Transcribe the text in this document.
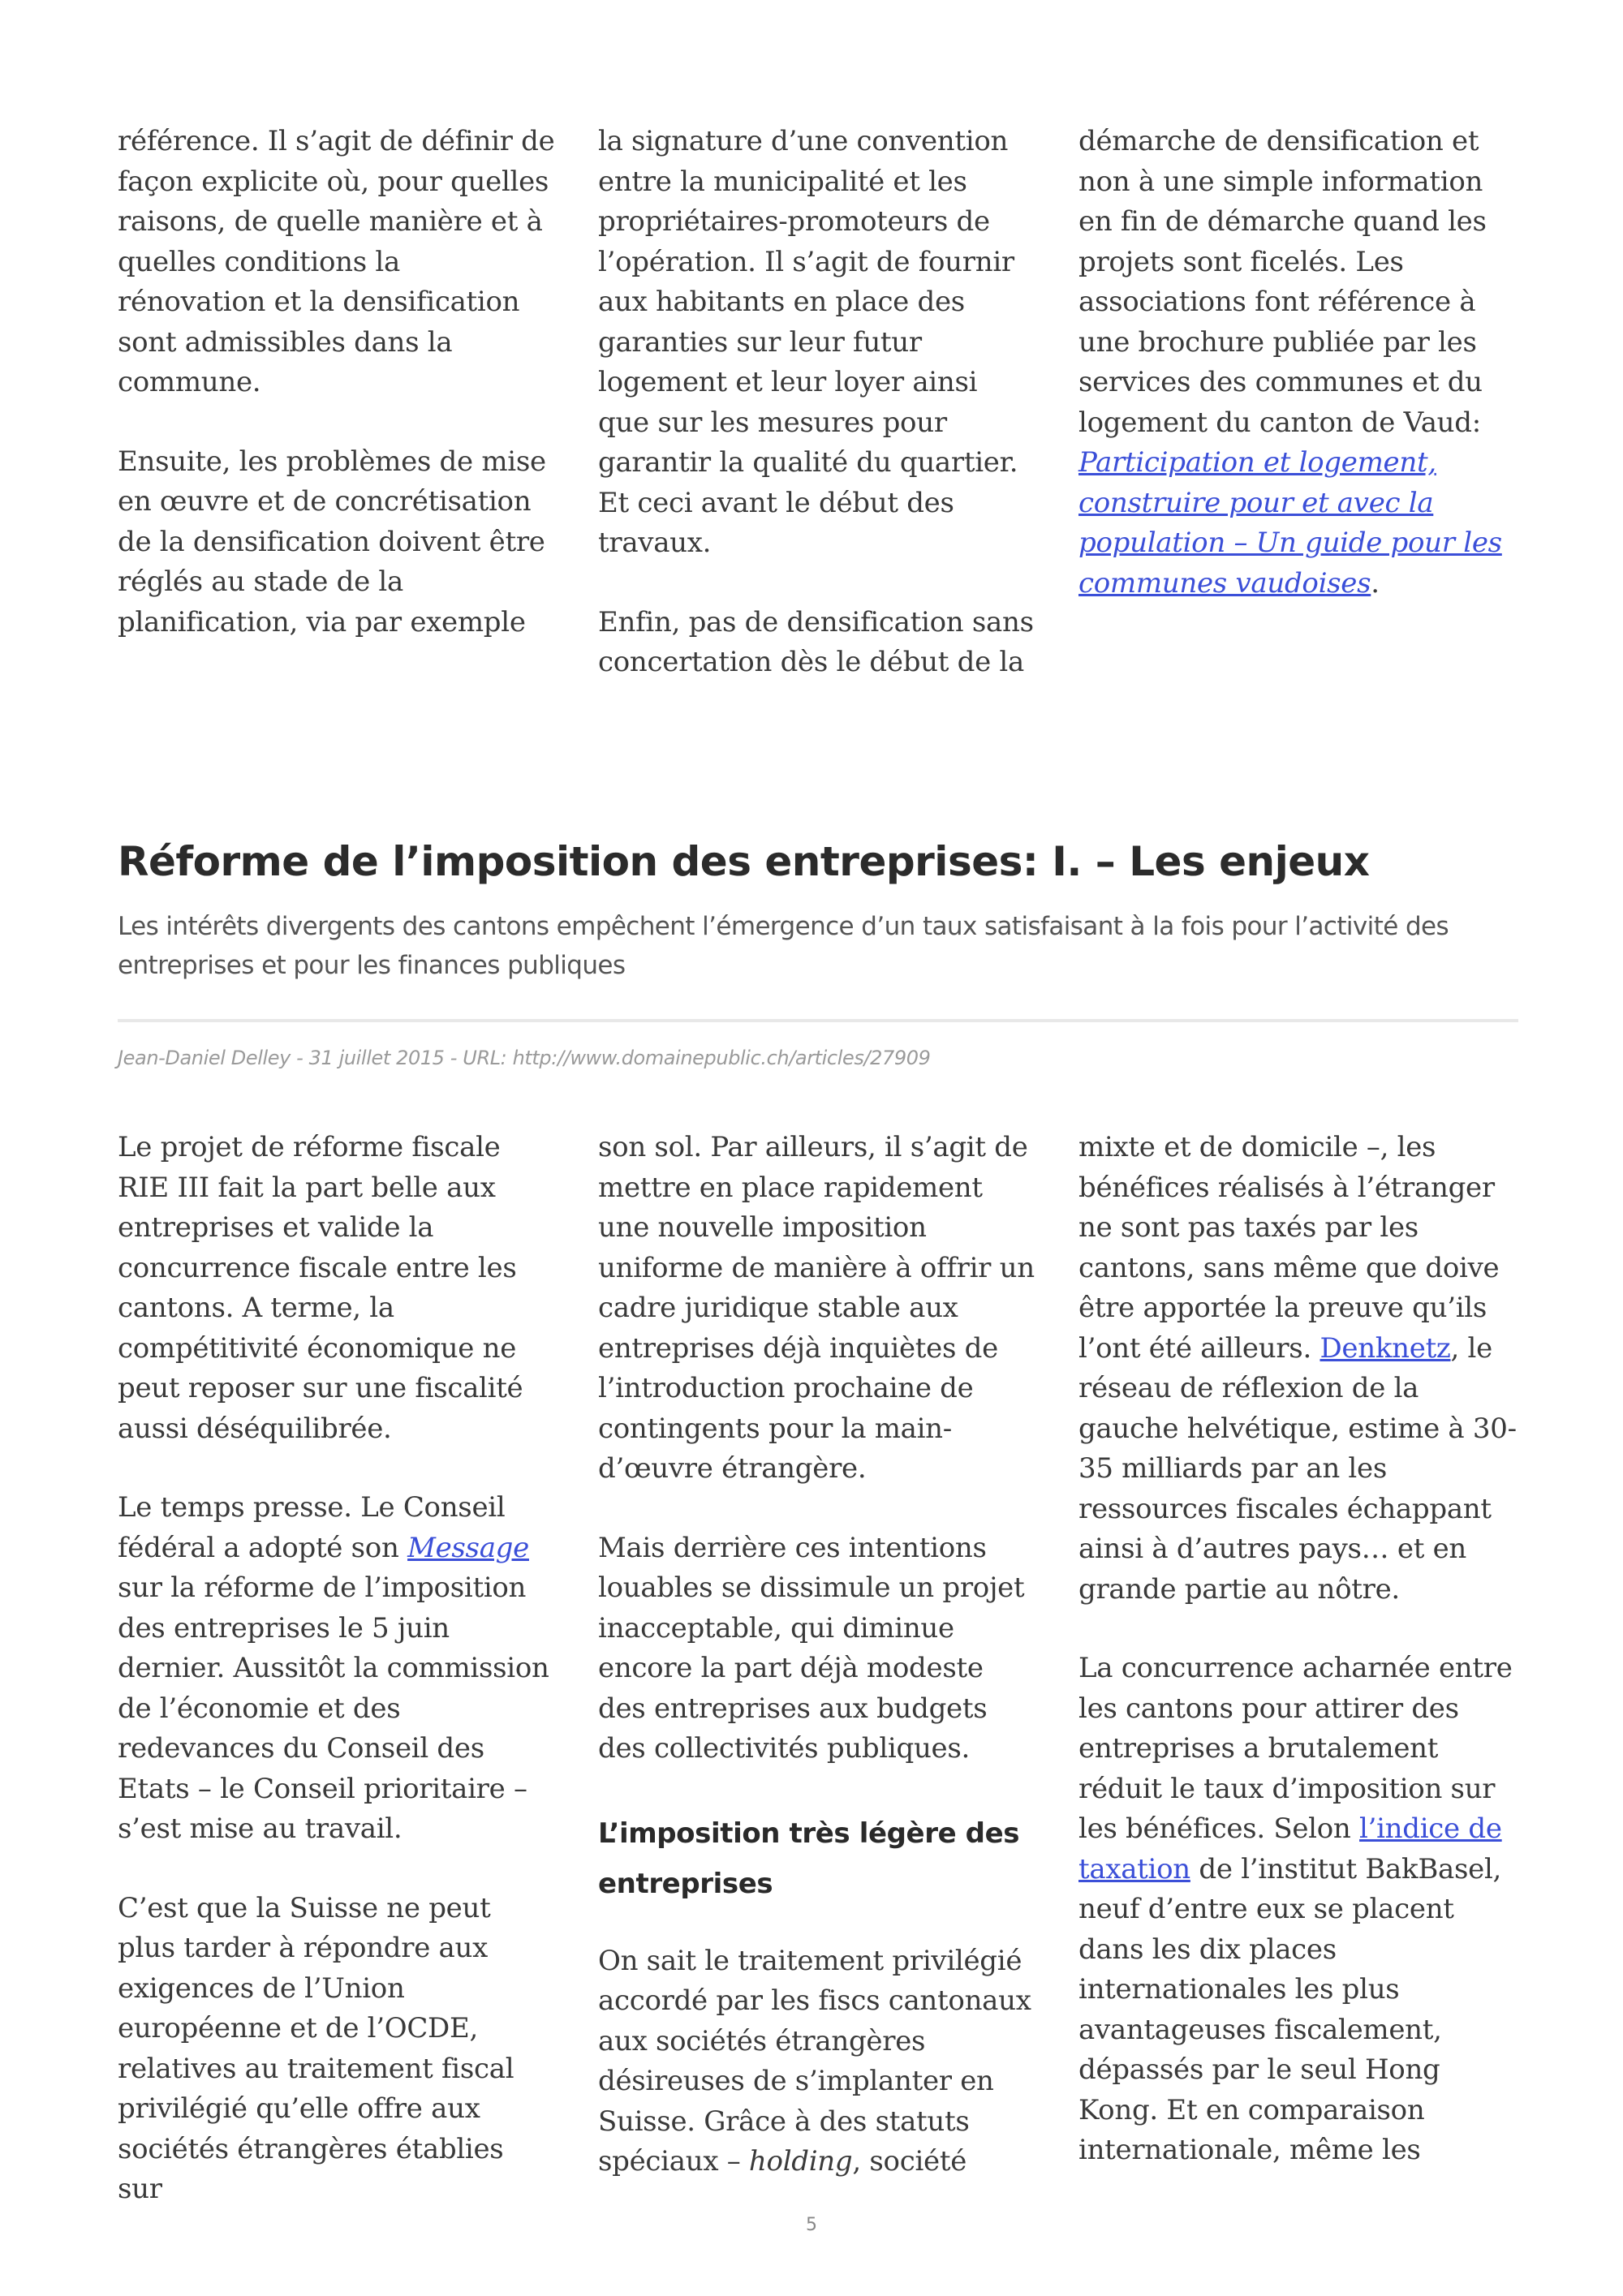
référence. Il s’agit de définir de façon explicite où, pour quelles raisons, de quelle manière et à quelles conditions la rénovation et la densification sont admissibles dans la commune.

Ensuite, les problèmes de mise en œuvre et de concrétisation de la densification doivent être réglés au stade de la planification, via par exemple

la signature d’une convention entre la municipalité et les propriétaires-promoteurs de l’opération. Il s’agit de fournir aux habitants en place des garanties sur leur futur logement et leur loyer ainsi que sur les mesures pour garantir la qualité du quartier. Et ceci avant le début des travaux.

Enfin, pas de densification sans concertation dès le début de la

démarche de densification et non à une simple information en fin de démarche quand les projets sont ficelés. Les associations font référence à une brochure publiée par les services des communes et du logement du canton de Vaud: Participation et logement, construire pour et avec la population – Un guide pour les communes vaudoises.

Réforme de l’imposition des entreprises: I. – Les enjeux

Les intérêts divergents des cantons empêchent l’émergence d’un taux satisfaisant à la fois pour l’activité des entreprises et pour les finances publiques

Jean-Daniel Delley - 31 juillet 2015 - URL: http://www.domainepublic.ch/articles/27909

Le projet de réforme fiscale RIE III fait la part belle aux entreprises et valide la concurrence fiscale entre les cantons. A terme, la compétitivité économique ne peut reposer sur une fiscalité aussi déséquilibrée.

Le temps presse. Le Conseil fédéral a adopté son Message sur la réforme de l’imposition des entreprises le 5 juin dernier. Aussitôt la commission de l’économie et des redevances du Conseil des Etats – le Conseil prioritaire – s’est mise au travail.

C’est que la Suisse ne peut plus tarder à répondre aux exigences de l’Union européenne et de l’OCDE, relatives au traitement fiscal privilégié qu’elle offre aux sociétés étrangères établies sur

son sol. Par ailleurs, il s’agit de mettre en place rapidement une nouvelle imposition uniforme de manière à offrir un cadre juridique stable aux entreprises déjà inquiètes de l’introduction prochaine de contingents pour la main-d’œuvre étrangère.

Mais derrière ces intentions louables se dissimule un projet inacceptable, qui diminue encore la part déjà modeste des entreprises aux budgets des collectivités publiques.

L’imposition très légère des entreprises

On sait le traitement privilégié accordé par les fiscs cantonaux aux sociétés étrangères désireuses de s’implanter en Suisse. Grâce à des statuts spéciaux – holding, société

mixte et de domicile –, les bénéfices réalisés à l’étranger ne sont pas taxés par les cantons, sans même que doive être apportée la preuve qu’ils l’ont été ailleurs. Denknetz, le réseau de réflexion de la gauche helvétique, estime à 30-35 milliards par an les ressources fiscales échappant ainsi à d’autres pays… et en grande partie au nôtre.

La concurrence acharnée entre les cantons pour attirer des entreprises a brutalement réduit le taux d’imposition sur les bénéfices. Selon l’indice de taxation de l’institut BakBasel, neuf d’entre eux se placent dans les dix places internationales les plus avantageuses fiscalement, dépassés par le seul Hong Kong. Et en comparaison internationale, même les

5
